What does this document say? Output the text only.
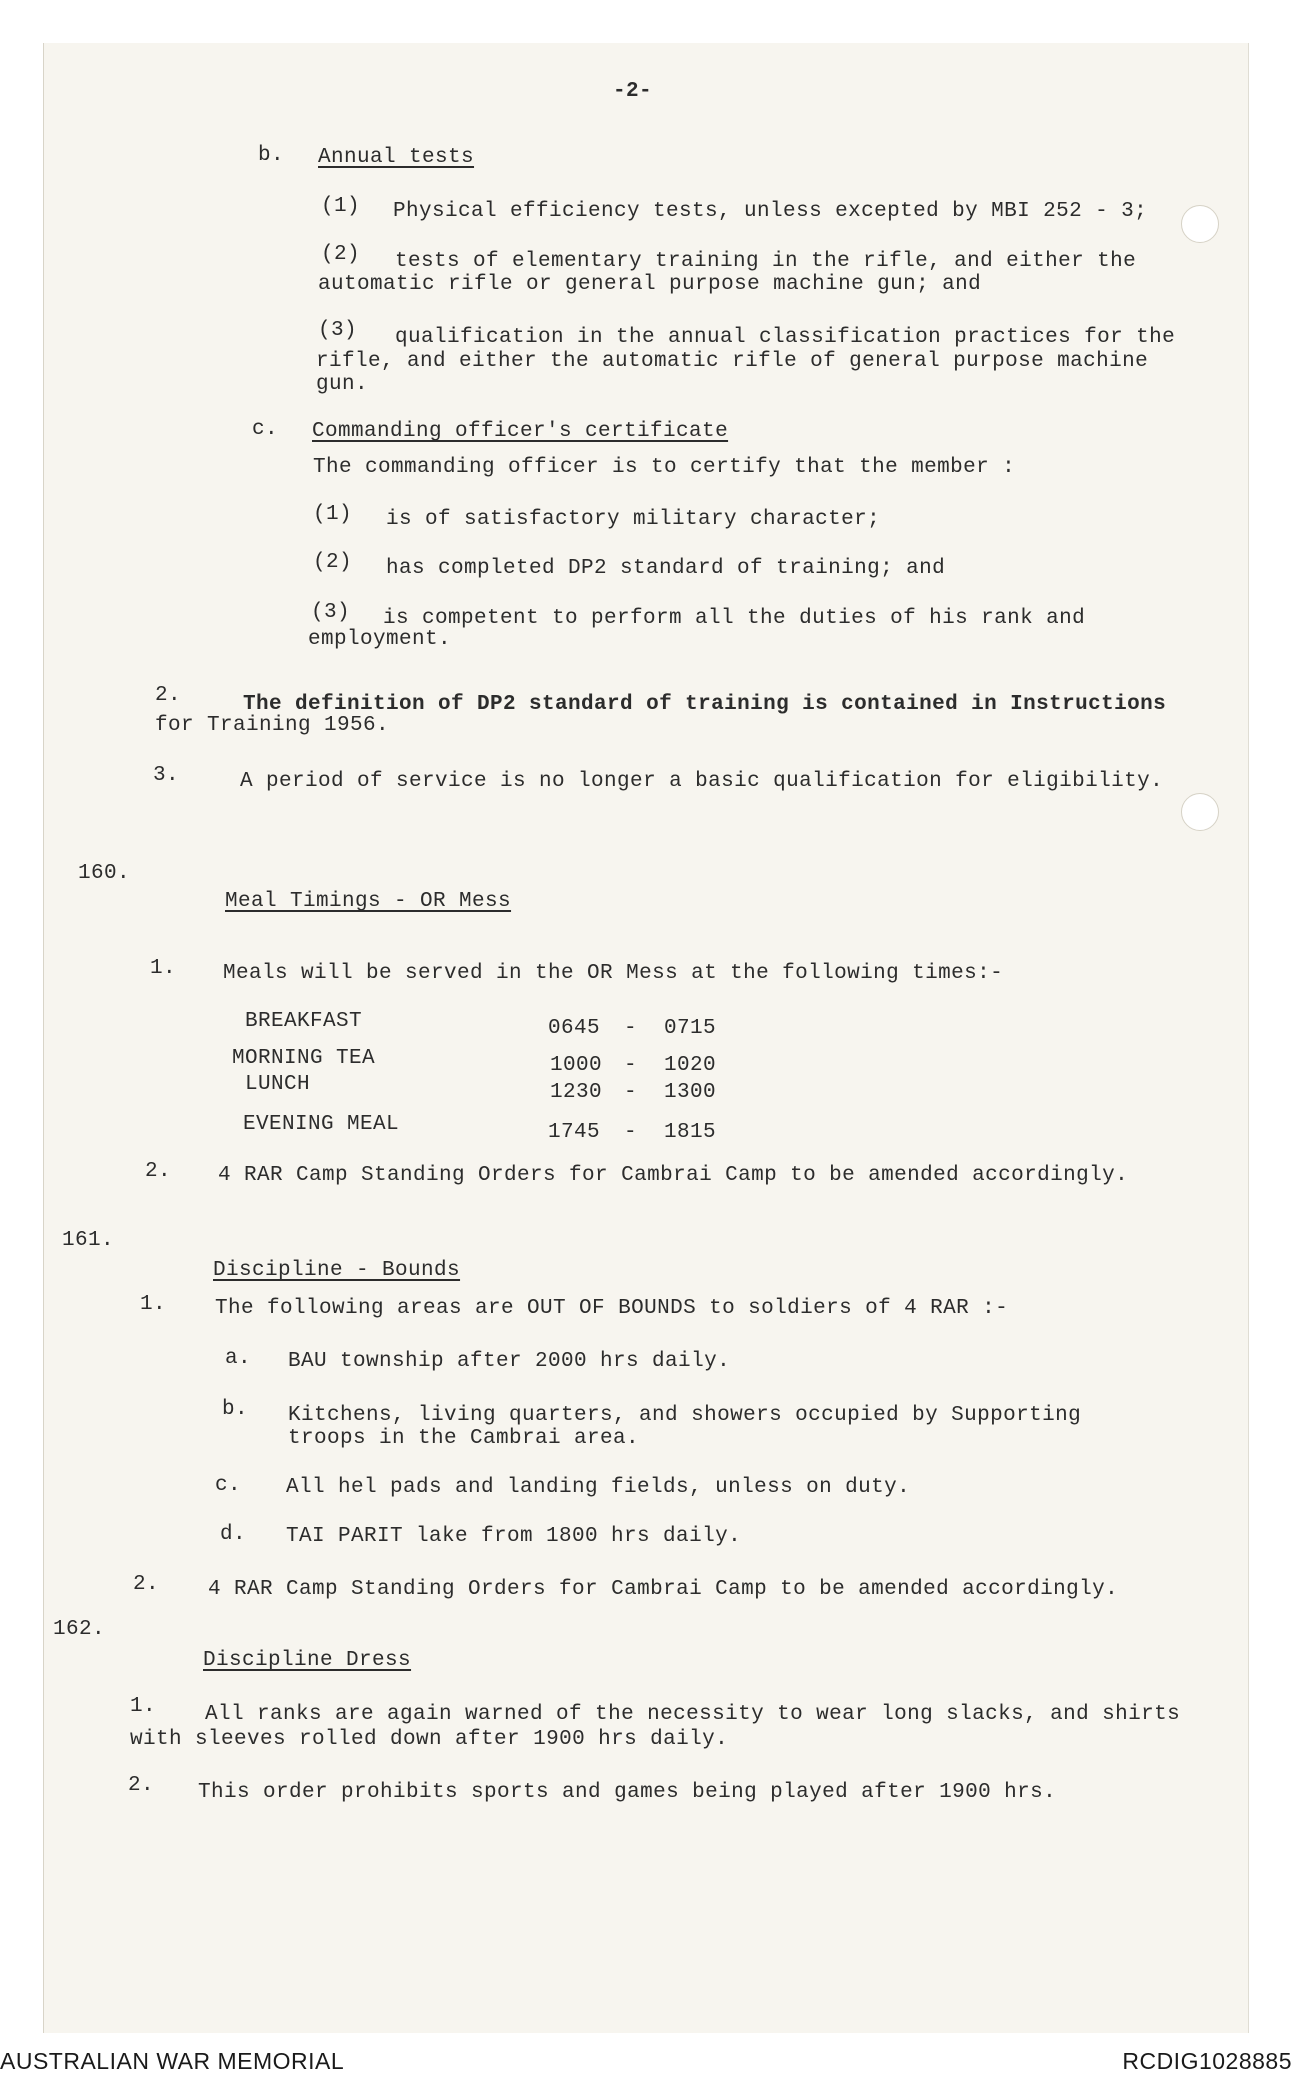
-2-
b. Annual tests
(1) Physical efficiency tests, unless excepted by MBI 252 - 3;
(2) tests of elementary training in the rifle, and either the
automatic rifle or general purpose machine gun; and
(3) qualification in the annual classification practices for the
rifle, and either the automatic rifle of general purpose machine
gun.
c. Commanding officer's certificate
The commanding officer is to certify that the member :
(1) is of satisfactory military character;
(2) has completed DP2 standard of training; and
(3) is competent to perform all the duties of his rank and
employment.
2.	The definition of DP2 standard of training is contained in Instructions
for Training 1956.
3.	A period of service is no longer a basic qualification for eligibility.
160.
Meal Timings - OR Mess
1. Meals will be served in the OR Mess at the following times:-
BREAKFAST	0645 - 0715
MORNING TEA	1000 - 1020
LUNCH	1230 - 1300
EVENING MEAL	1745 - 1815
2. 4 RAR Camp Standing Orders for Cambrai Camp to be amended accordingly.
161.
Discipline - Bounds
1. The following areas are OUT OF BOUNDS to soldiers of 4 RAR :-
a. BAU township after 2000 hrs daily.
b. Kitchens, living quarters, and showers occupied by Supporting
troops in the Cambrai area.
c. All hel pads and landing fields, unless on duty.
d. TAI PARIT lake from 1800 hrs daily.
2. 4 RAR Camp Standing Orders for Cambrai Camp to be amended accordingly.
162.
Discipline Dress
1. All ranks are again warned of the necessity to wear long slacks, and shirts
with sleeves rolled down after 1900 hrs daily.
2. This order prohibits sports and games being played after 1900 hrs.
AUSTRALIAN WAR MEMORIAL	RCDIG1028885
